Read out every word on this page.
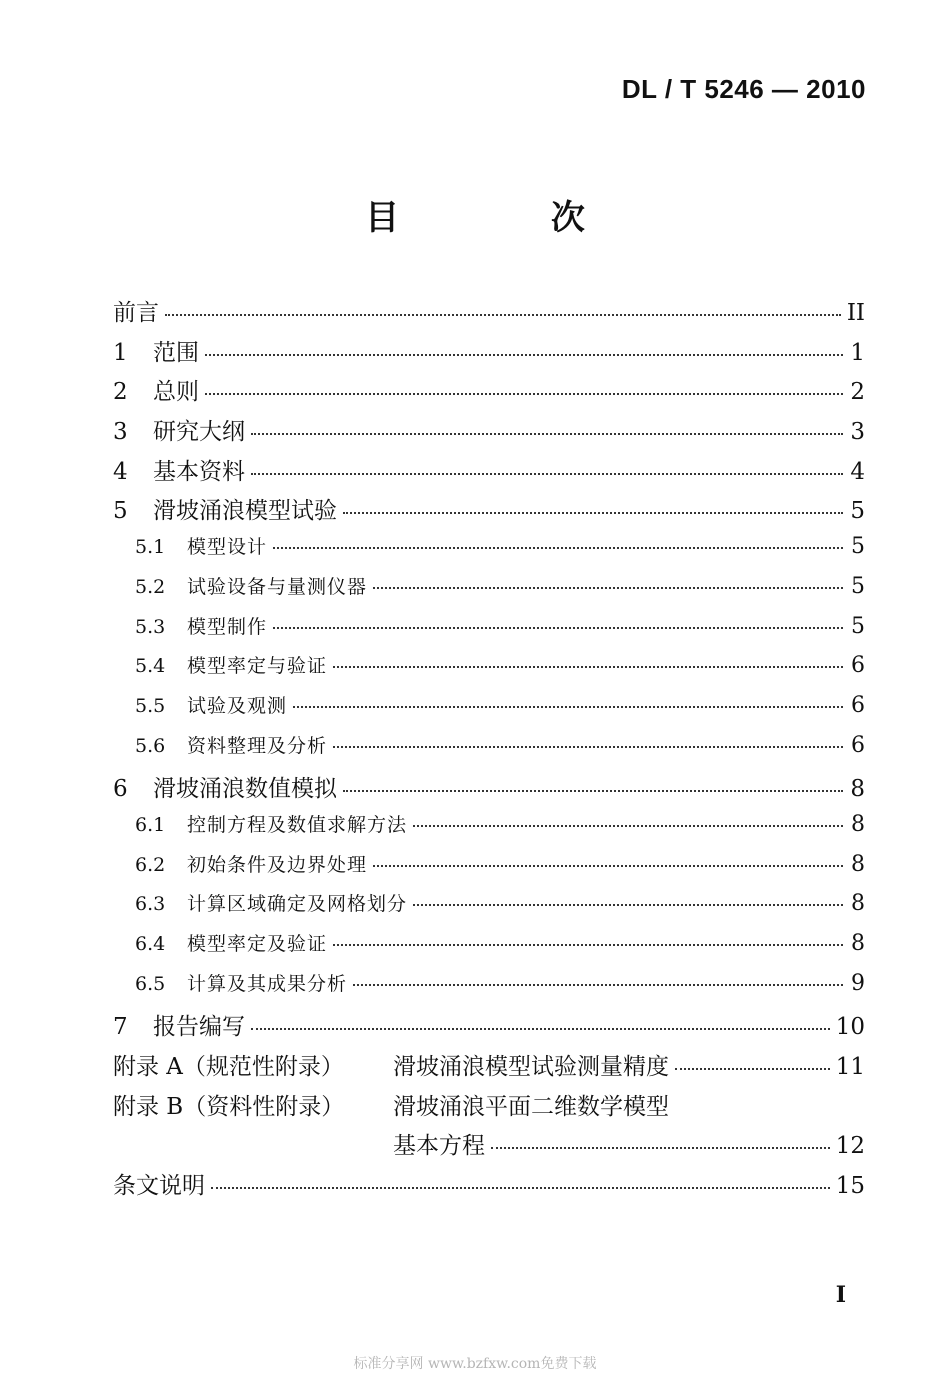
DL / T 5246 — 2010
目 次
前言	II
1	范围	1
2	总则	2
3	研究大纲	3
4	基本资料	4
5	滑坡涌浪模型试验	5
5.1	模型设计	5
5.2	试验设备与量测仪器	5
5.3	模型制作	5
5.4	模型率定与验证	6
5.5	试验及观测	6
5.6	资料整理及分析	6
6	滑坡涌浪数值模拟	8
6.1	控制方程及数值求解方法	8
6.2	初始条件及边界处理	8
6.3	计算区域确定及网格划分	8
6.4	模型率定及验证	8
6.5	计算及其成果分析	9
7	报告编写	10
附录 A（规范性附录）	滑坡涌浪模型试验测量精度	11
附录 B（资料性附录）	滑坡涌浪平面二维数学模型
基本方程	12
条文说明	15
I
标准分享网 www.bzfxw.com免费下载
